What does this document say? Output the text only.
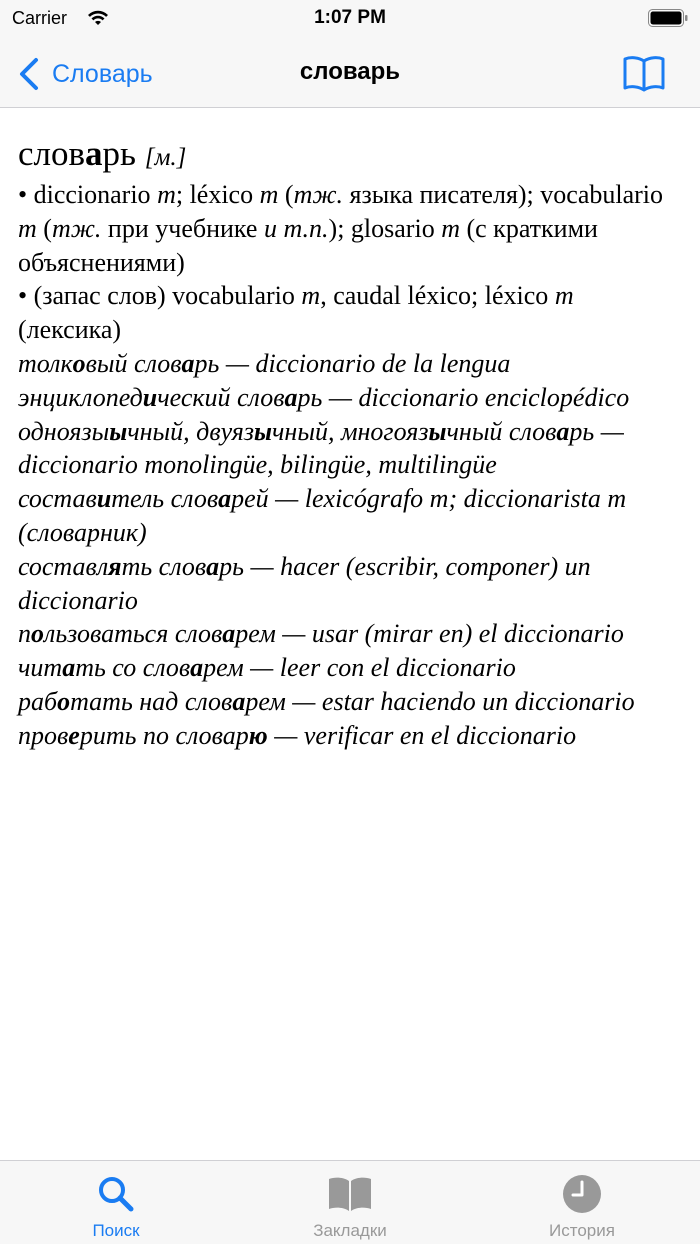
Carrier	1:07 PM
Словарь	словарь
словарь [м.]
• diccionario m; léxico m (тж. языка писателя); vocabulario m (тж. при учебнике и т.п.); glosario m (с краткими объяснениями)
• (запас слов) vocabulario m, caudal léxico; léxico m (лексика)
толковый словарь — diccionario de la lengua
энциклопедический словарь — diccionario enciclopédico
одноязыычный, двуязычный, многоязычный словарь — diccionario monolingüe, bilingüe, multilingüe
составитель словарей — lexicógrafo m; diccionarista m (словарник)
составлять словарь — hacer (escribir, componer) un diccionario
пользоваться словарем — usar (mirar en) el diccionario
читать со словарем — leer con el diccionario
работать над словарем — estar haciendo un diccionario
проверить по словарю — verificar en el diccionario
Поиск	Закладки	История
